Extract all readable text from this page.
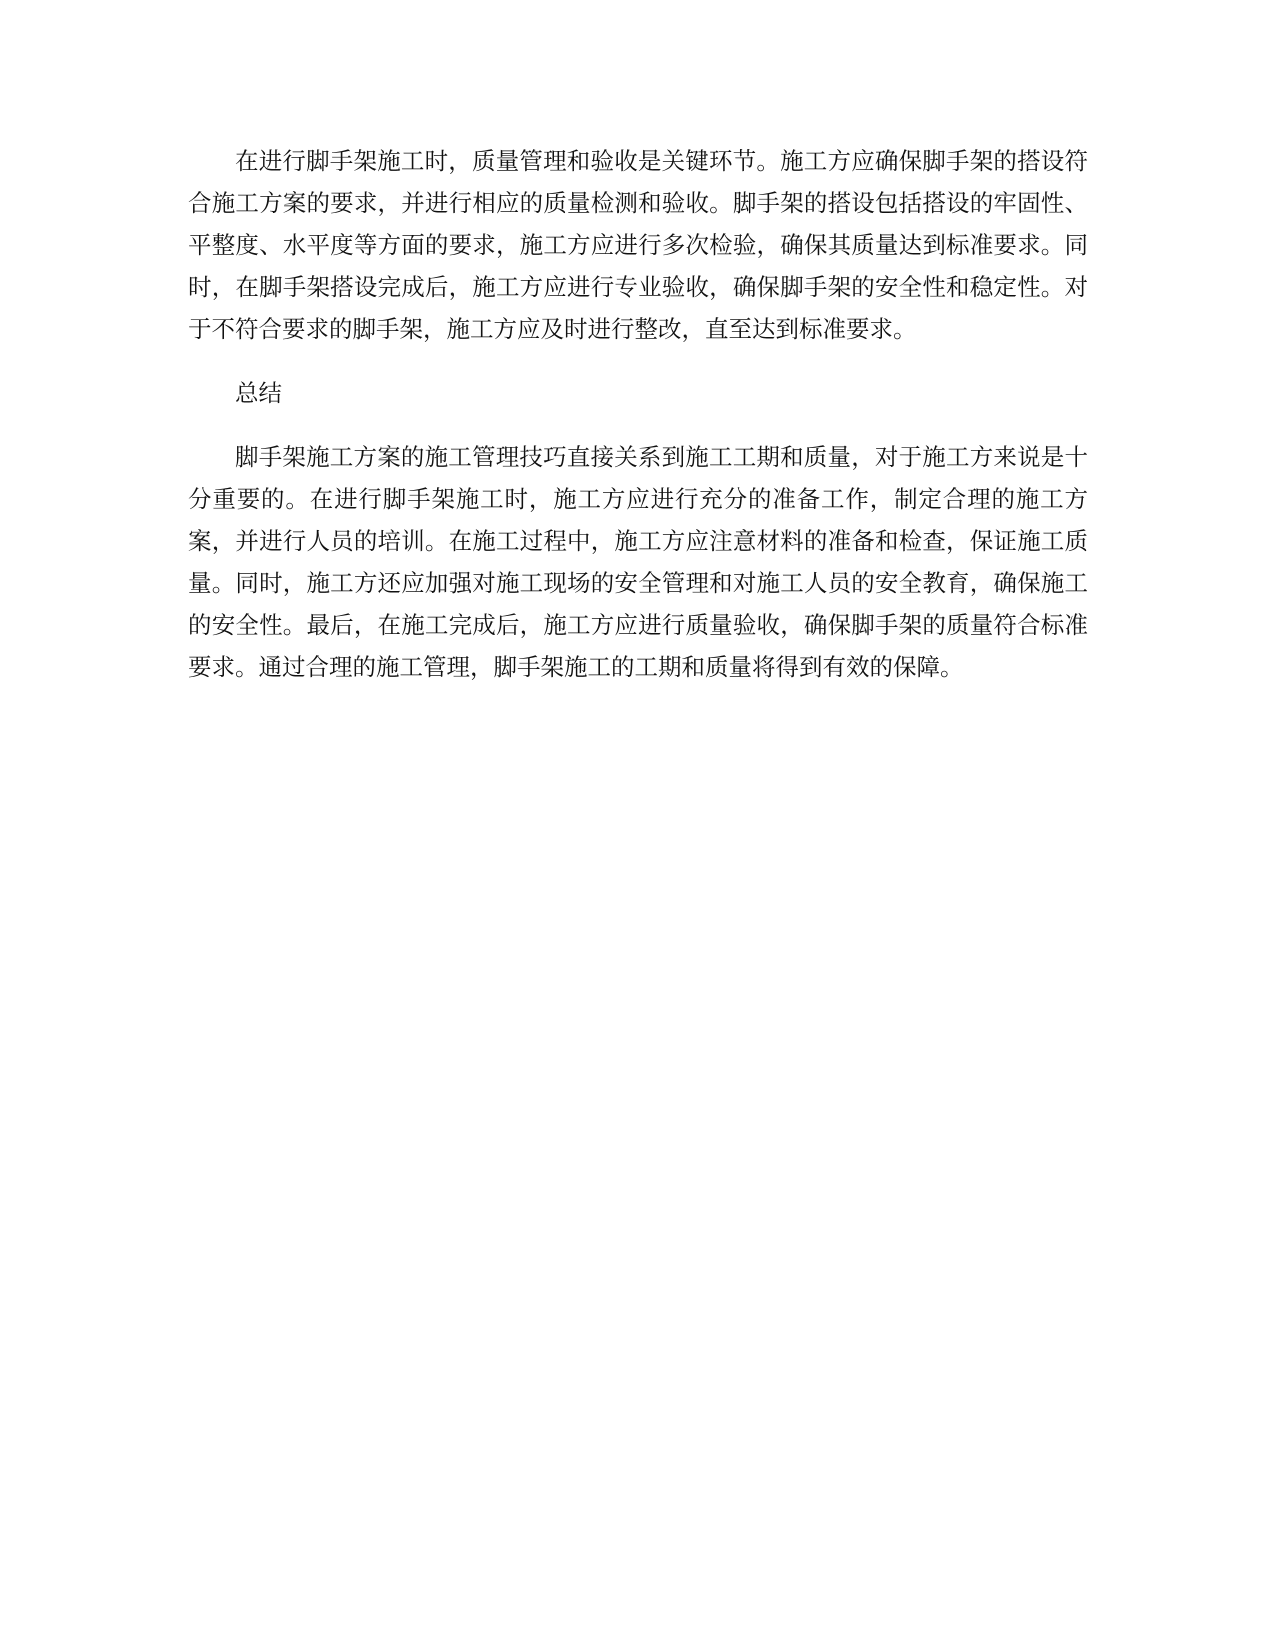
在进行脚手架施工时，质量管理和验收是关键环节。施工方应确保脚手架的搭设符合施工方案的要求，并进行相应的质量检测和验收。脚手架的搭设包括搭设的牢固性、平整度、水平度等方面的要求，施工方应进行多次检验，确保其质量达到标准要求。同时，在脚手架搭设完成后，施工方应进行专业验收，确保脚手架的安全性和稳定性。对于不符合要求的脚手架，施工方应及时进行整改，直至达到标准要求。

总结

脚手架施工方案的施工管理技巧直接关系到施工工期和质量，对于施工方来说是十分重要的。在进行脚手架施工时，施工方应进行充分的准备工作，制定合理的施工方案，并进行人员的培训。在施工过程中，施工方应注意材料的准备和检查，保证施工质量。同时，施工方还应加强对施工现场的安全管理和对施工人员的安全教育，确保施工的安全性。最后，在施工完成后，施工方应进行质量验收，确保脚手架的质量符合标准要求。通过合理的施工管理，脚手架施工的工期和质量将得到有效的保障。
